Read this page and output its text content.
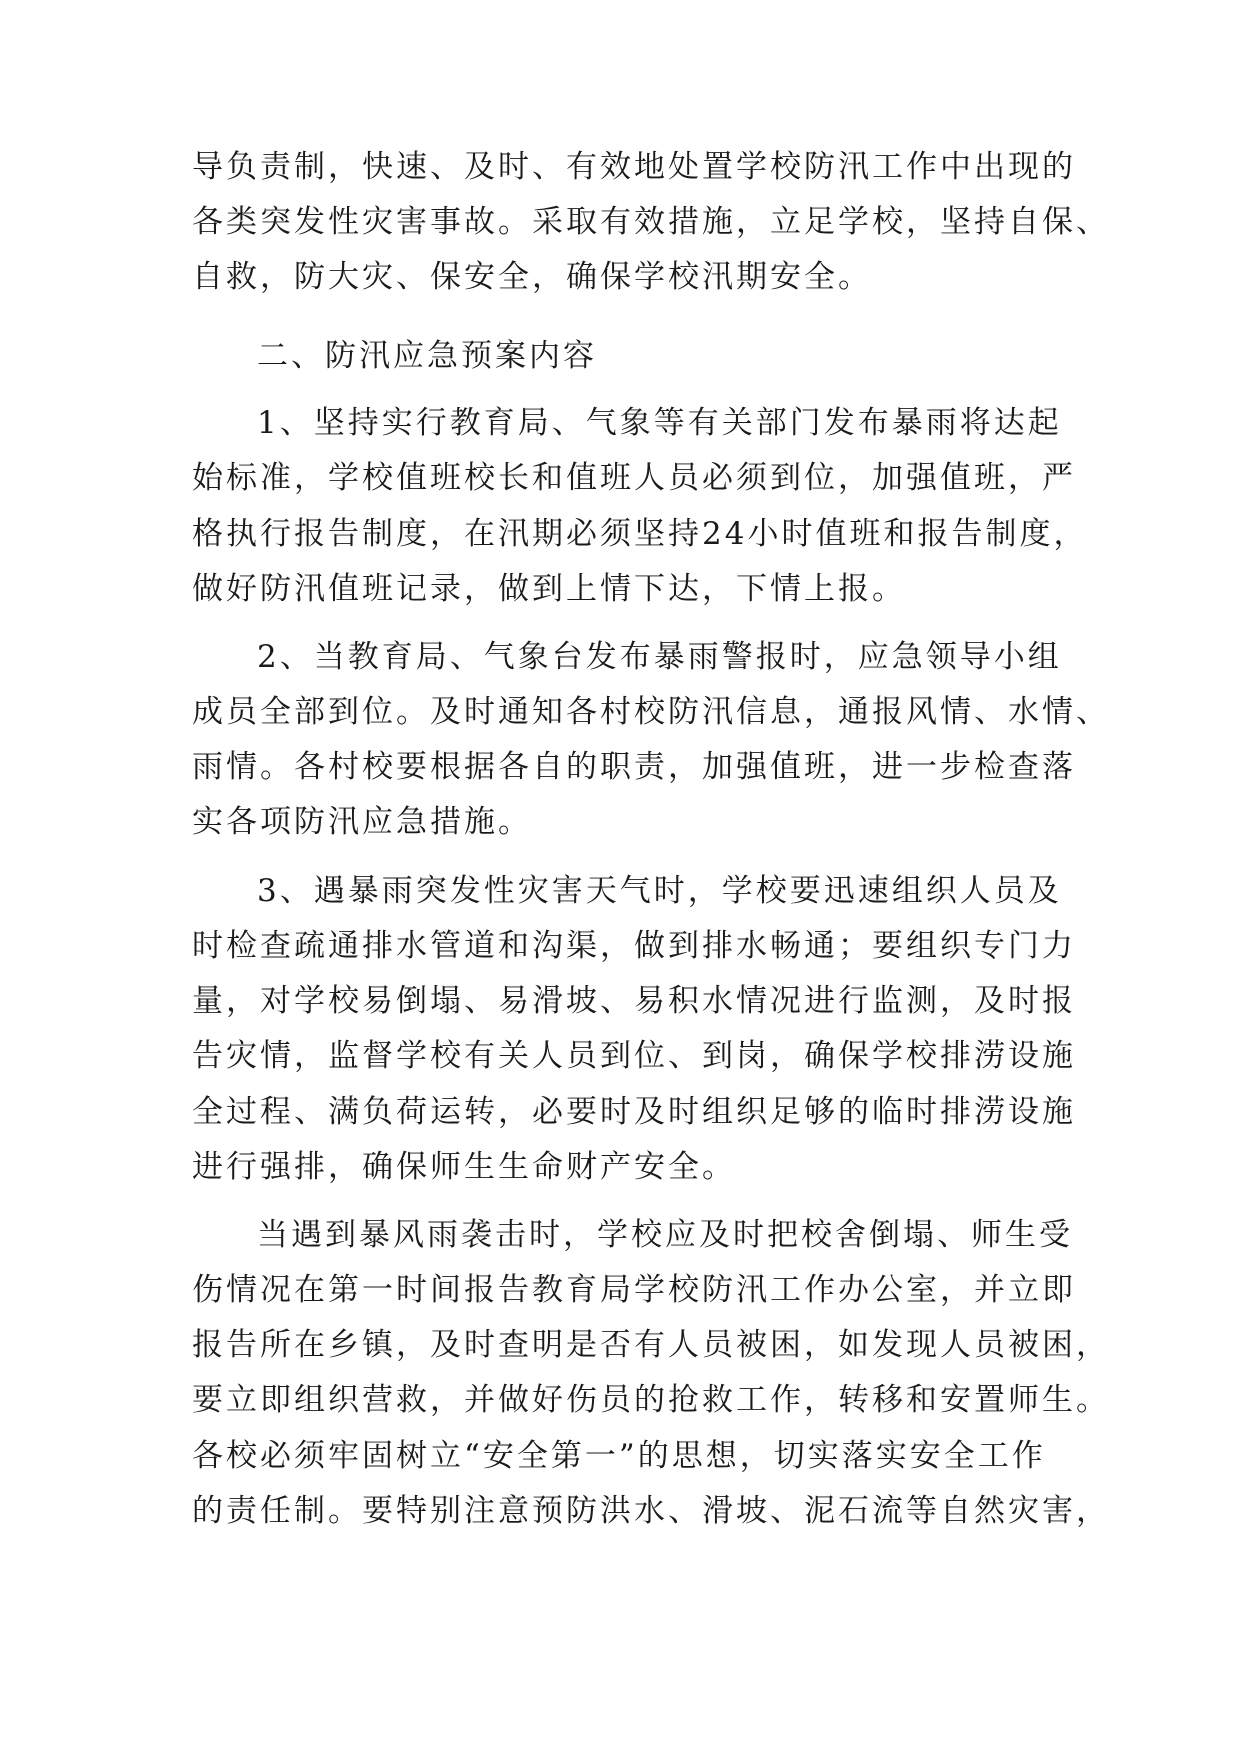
导负责制，快速、及时、有效地处置学校防汛工作中出现的
各类突发性灾害事故。采取有效措施，立足学校，坚持自保、
自救，防大灾、保安全，确保学校汛期安全。
二、防汛应急预案内容
1、坚持实行教育局、气象等有关部门发布暴雨将达起
始标准，学校值班校长和值班人员必须到位，加强值班，严
格执行报告制度，在汛期必须坚持24小时值班和报告制度，
做好防汛值班记录，做到上情下达，下情上报。
2、当教育局、气象台发布暴雨警报时，应急领导小组
成员全部到位。及时通知各村校防汛信息，通报风情、水情、
雨情。各村校要根据各自的职责，加强值班，进一步检查落
实各项防汛应急措施。
3、遇暴雨突发性灾害天气时，学校要迅速组织人员及
时检查疏通排水管道和沟渠，做到排水畅通；要组织专门力
量，对学校易倒塌、易滑坡、易积水情况进行监测，及时报
告灾情，监督学校有关人员到位、到岗，确保学校排涝设施
全过程、满负荷运转，必要时及时组织足够的临时排涝设施
进行强排，确保师生生命财产安全。
当遇到暴风雨袭击时，学校应及时把校舍倒塌、师生受
伤情况在第一时间报告教育局学校防汛工作办公室，并立即
报告所在乡镇，及时查明是否有人员被困，如发现人员被困，
要立即组织营救，并做好伤员的抢救工作，转移和安置师生。
各校必须牢固树立“安全第一”的思想，切实落实安全工作
的责任制。要特别注意预防洪水、滑坡、泥石流等自然灾害，
